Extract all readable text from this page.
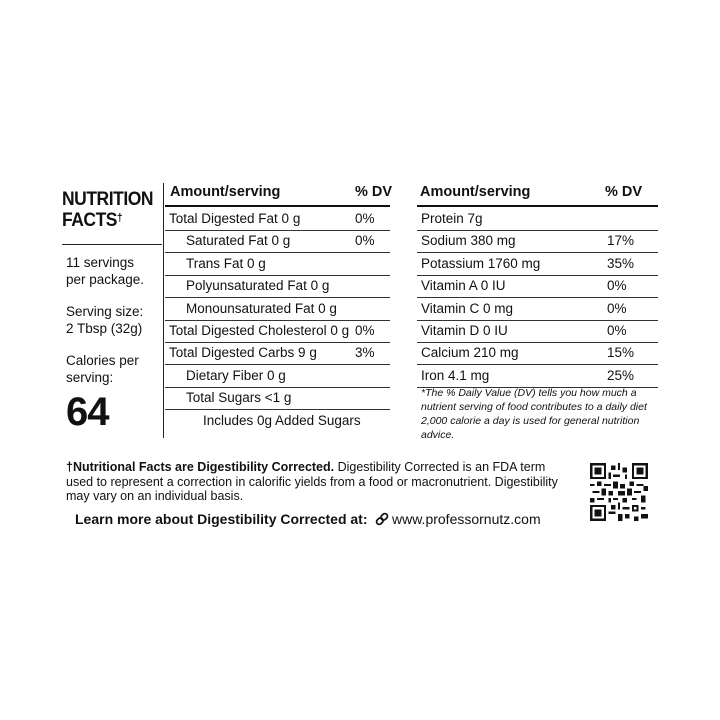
NUTRITION
FACTS†
11 servings
per package.
Serving size:
2 Tbsp (32g)
Calories per
serving:
64
Amount/serving	% DV
Total Digested Fat 0 g	0%
Saturated Fat 0 g	0%
Trans Fat 0 g
Polyunsaturated Fat 0 g
Monounsaturated Fat 0 g
Total Digested Cholesterol 0 g 0%
Total Digested Carbs 9 g	3%
Dietary Fiber 0 g
Total Sugars <1 g
Includes 0g Added Sugars
Amount/serving	% DV
Protein 7g
Sodium 380 mg	17%
Potassium 1760 mg	35%
Vitamin A 0 IU	0%
Vitamin C 0 mg	0%
Vitamin D 0 IU	0%
Calcium 210 mg	15%
Iron 4.1 mg	25%
*The % Daily Value (DV) tells you how much a nutrient serving of food contributes to a daily diet 2,000 calorie a day is used for general nutrition advice.
†Nutritional Facts are Digestibility Corrected. Digestibility Corrected is an FDA term used to represent a correction in calorific yields from a food or macronutrient. Digestibility may vary on an individual basis.
Learn more about Digestibility Corrected at:	www.professornutz.com
